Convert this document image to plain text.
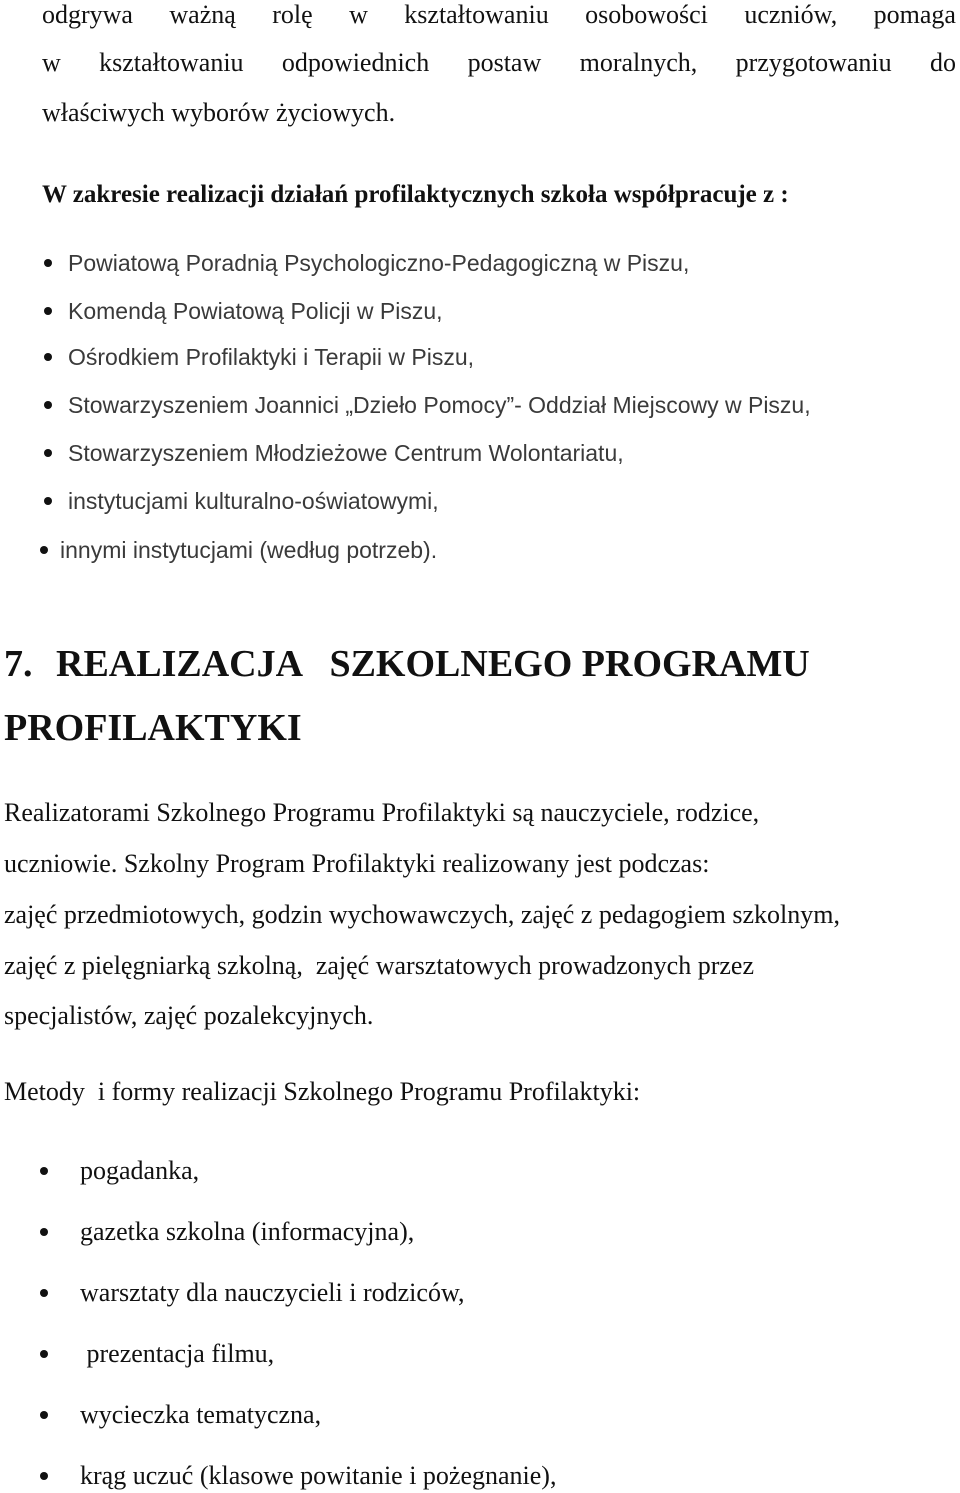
odgrywa ważną rolę w kształtowaniu osobowości uczniów, pomaga
w kształtowaniu odpowiednich postaw moralnych, przygotowaniu do
właściwych wyborów życiowych.
W zakresie realizacji działań profilaktycznych szkoła współpracuje z :
Powiatową Poradnią Psychologiczno-Pedagogiczną w Piszu,
Komendą Powiatową Policji w Piszu,
Ośrodkiem Profilaktyki i Terapii w Piszu,
Stowarzyszeniem Joannici „Dzieło Pomocy”- Oddział Miejscowy w Piszu,
Stowarzyszeniem Młodzieżowe Centrum Wolontariatu,
instytucjami kulturalno-oświatowymi,
innymi instytucjami (według potrzeb).
7. REALIZACJA   SZKOLNEGO PROGRAMU
PROFILAKTYKI
Realizatorami Szkolnego Programu Profilaktyki są nauczyciele, rodzice,
uczniowie. Szkolny Program Profilaktyki realizowany jest podczas:
zajęć przedmiotowych, godzin wychowawczych, zajęć z pedagogiem szkolnym,
zajęć z pielęgniarką szkolną,  zajęć warsztatowych prowadzonych przez
specjalistów, zajęć pozalekcyjnych.
Metody  i formy realizacji Szkolnego Programu Profilaktyki:
pogadanka,
gazetka szkolna (informacyjna),
warsztaty dla nauczycieli i rodziców,
prezentacja filmu,
wycieczka tematyczna,
krąg uczuć (klasowe powitanie i pożegnanie),
